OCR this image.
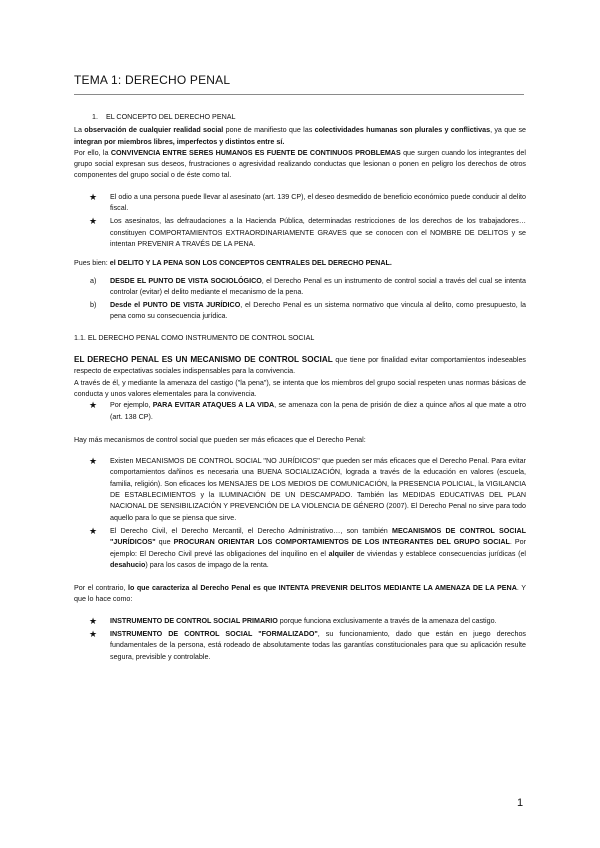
TEMA 1: DERECHO PENAL

1. EL CONCEPTO DEL DERECHO PENAL

La observación de cualquier realidad social pone de manifiesto que las colectividades humanas son plurales y conflictivas, ya que se integran por miembros libres, imperfectos y distintos entre sí.

Por ello, la CONVIVENCIA ENTRE SERES HUMANOS ES FUENTE DE CONTINUOS PROBLEMAS que surgen cuando los integrantes del grupo social expresan sus deseos, frustraciones o agresividad realizando conductas que lesionan o ponen en peligro los derechos de otros componentes del grupo social o de éste como tal.

★ El odio a una persona puede llevar al asesinato (art. 139 CP), el deseo desmedido de beneficio económico puede conducir al delito fiscal.
★ Los asesinatos, las defraudaciones a la Hacienda Pública, determinadas restricciones de los derechos de los trabajadores…constituyen COMPORTAMIENTOS EXTRAORDINARIAMENTE GRAVES que se conocen con el NOMBRE DE DELITOS y se intentan PREVENIR A TRAVÉS DE LA PENA.

Pues bien: el DELITO Y LA PENA SON LOS CONCEPTOS CENTRALES DEL DERECHO PENAL.

a) DESDE EL PUNTO DE VISTA SOCIOLÓGICO, el Derecho Penal es un instrumento de control social a través del cual se intenta controlar (evitar) el delito mediante el mecanismo de la pena.
b) Desde el PUNTO DE VISTA JURÍDICO, el Derecho Penal es un sistema normativo que vincula al delito, como presupuesto, la pena como su consecuencia jurídica.

1.1. EL DERECHO PENAL COMO INSTRUMENTO DE CONTROL SOCIAL

EL DERECHO PENAL ES UN MECANISMO DE CONTROL SOCIAL que tiene por finalidad evitar comportamientos indeseables respecto de expectativas sociales indispensables para la convivencia.

A través de él, y mediante la amenaza del castigo ("la pena"), se intenta que los miembros del grupo social respeten unas normas básicas de conducta y unos valores elementales para la convivencia.

★ Por ejemplo, PARA EVITAR ATAQUES A LA VIDA, se amenaza con la pena de prisión de diez a quince años al que mate a otro (art. 138 CP).

Hay más mecanismos de control social que pueden ser más eficaces que el Derecho Penal:

★ Existen MECANISMOS DE CONTROL SOCIAL "NO JURÍDICOS" que pueden ser más eficaces que el Derecho Penal. Para evitar comportamientos dañinos es necesaria una BUENA SOCIALIZACIÓN, lograda a través de la educación en valores (escuela, familia, religión). Son eficaces los MENSAJES DE LOS MEDIOS DE COMUNICACIÓN, la PRESENCIA POLICIAL, la VIGILANCIA DE ESTABLECIMIENTOS y la ILUMINACIÓN DE UN DESCAMPADO. También las MEDIDAS EDUCATIVAS DEL PLAN NACIONAL DE SENSIBILIZACIÓN Y PREVENCIÓN DE LA VIOLENCIA DE GÉNERO (2007). El Derecho Penal no sirve para todo aquello para lo que se piensa que sirve.
★ El Derecho Civil, el Derecho Mercantil, el Derecho Administrativo…, son también MECANISMOS DE CONTROL SOCIAL "JURÍDICOS" que PROCURAN ORIENTAR LOS COMPORTAMIENTOS DE LOS INTEGRANTES DEL GRUPO SOCIAL. Por ejemplo: El Derecho Civil prevé las obligaciones del inquilino en el alquiler de viviendas y establece consecuencias jurídicas (el desahucio) para los casos de impago de la renta.

Por el contrario, lo que caracteriza al Derecho Penal es que INTENTA PREVENIR DELITOS MEDIANTE LA AMENAZA DE LA PENA. Y que lo hace como:

★ INSTRUMENTO DE CONTROL SOCIAL PRIMARIO porque funciona exclusivamente a través de la amenaza del castigo.
★ INSTRUMENTO DE CONTROL SOCIAL "FORMALIZADO", su funcionamiento, dado que están en juego derechos fundamentales de la persona, está rodeado de absolutamente todas las garantías constitucionales para que su aplicación resulte segura, previsible y controlable.
1
